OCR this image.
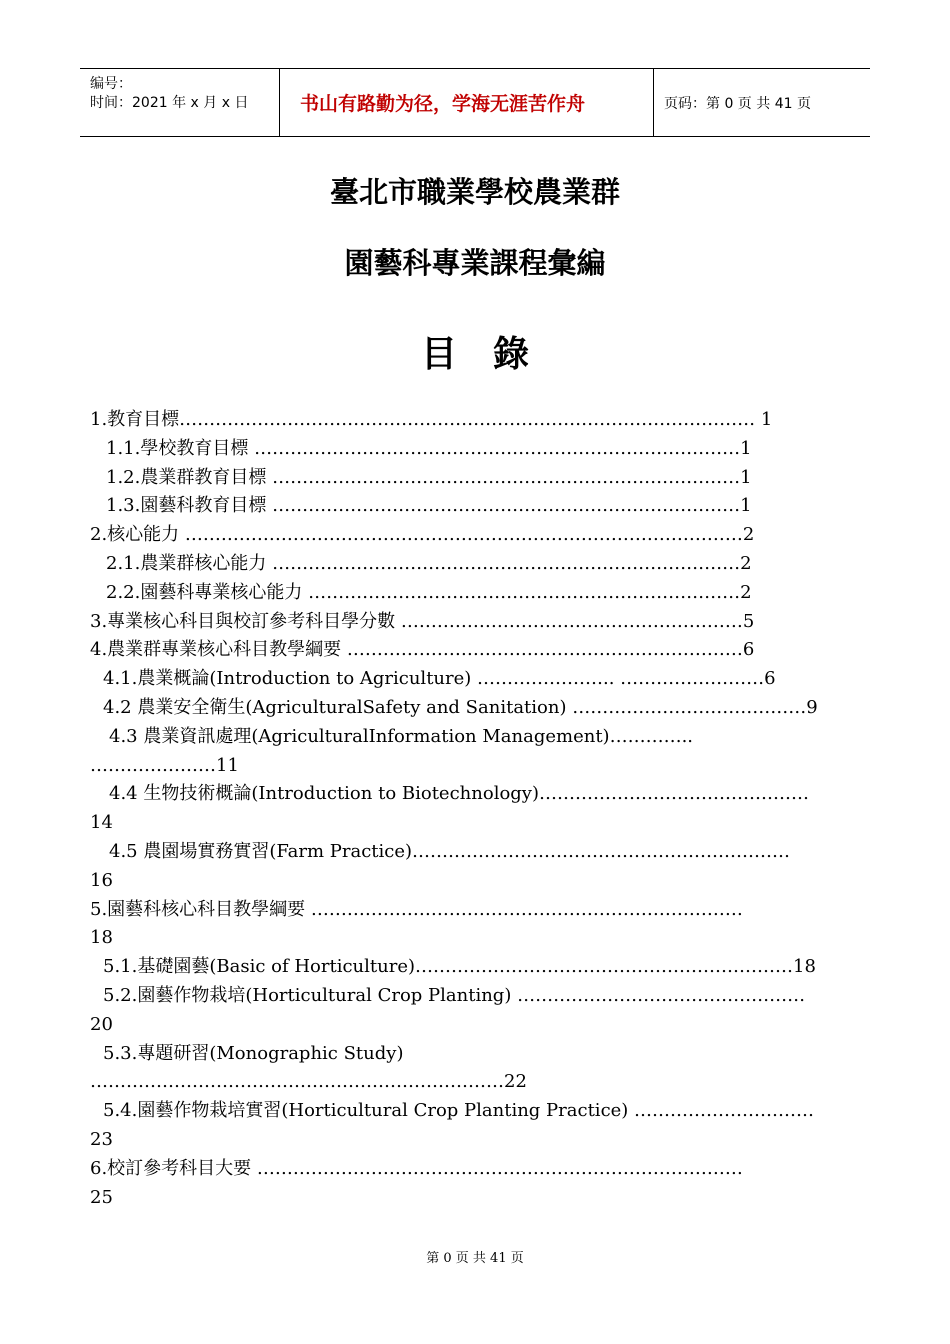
编号：
时间：2021 年 x 月 x 日	书山有路勤为径，学海无涯苦作舟	页码：第 0 页 共 41 页
臺北市職業學校農業群
園藝科專業課程彙編
目錄
1.教育目標…………………………………………………………………………………… 1
1.1.學校教育目標 ………………………………………………………………………1
1.2.農業群教育目標 ……………………………………………………………………1
1.3.園藝科教育目標 ……………………………………………………………………1
2.核心能力 …………………………………………………………………………………2
2.1.農業群核心能力 ……………………………………………………………………2
2.2.園藝科專業核心能力 ………………………………………………………………2
3.專業核心科目與校訂參考科目學分數 …………………………………………………5
4.農業群專業核心科目教學綱要 …………………………………………………………6
4.1.農業概論(Introduction to Agriculture) ………………….. ……………………6
4.2 農業安全衛生(AgriculturalSafety and Sanitation) …………………………………9
4.3 農業資訊處理(AgriculturalInformation Management)…………..
…………………11
4.4 生物技術概論(Introduction to Biotechnology)………………………………………
14
4.5 農園場實務實習(Farm Practice)………………………………………………………
16
5.園藝科核心科目教學綱要 ………………………………………………………………
18
5.1.基礎園藝(Basic of Horticulture)………………………………………………………18
5.2.園藝作物栽培(Horticultural Crop Planting) …………………………………………
20
5.3.專題研習(Monographic Study)
……………………………………………………………22
5.4.園藝作物栽培實習(Horticultural Crop Planting Practice) …………………………
23
6.校訂參考科目大要 ………………………………………………………………………
25
第 0 页 共 41 页
